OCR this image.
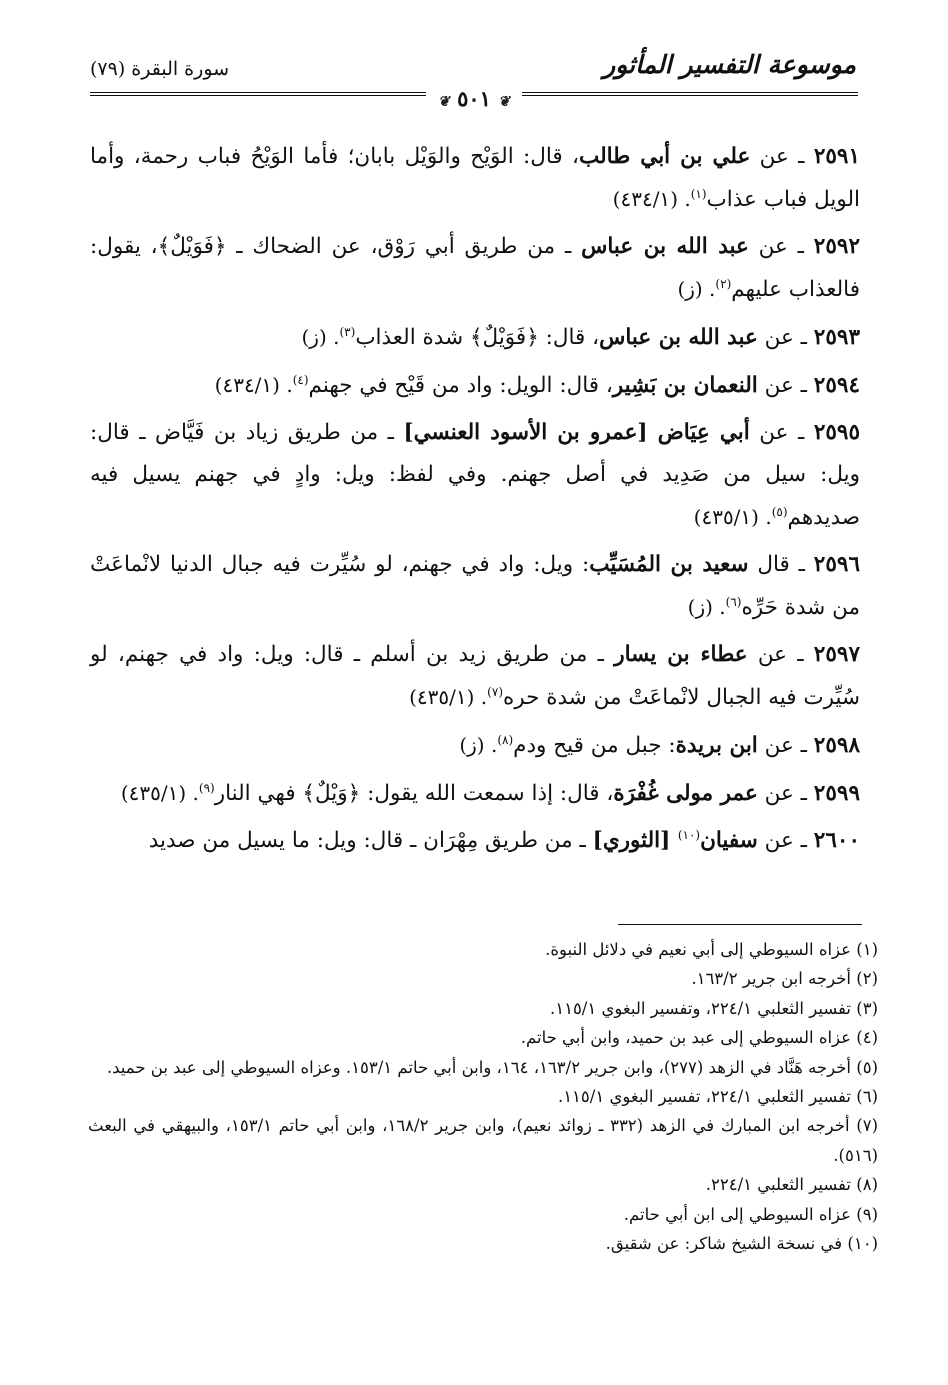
موسوعة التفسير المأثور
سورة البقرة (٧٩)
❦ ٥٠١ ❦

٢٥٩١ ـ عن علي بن أبي طالب، قال: الوَيْح والوَيْل بابان؛ فأما الوَيْحُ فباب رحمة، وأما الويل فباب عذاب$^{(١)}$. (٤٣٤/١)

٢٥٩٢ ـ عن عبد الله بن عباس ـ من طريق أبي رَوْق، عن الضحاك ـ ﴿فَوَيْلٌ﴾، يقول: فالعذاب عليهم$^{(٢)}$. (ز)

٢٥٩٣ ـ عن عبد الله بن عباس، قال: ﴿فَوَيْلٌ﴾ شدة العذاب$^{(٣)}$. (ز)

٢٥٩٤ ـ عن النعمان بن بَشِير، قال: الويل: واد من قَيْح في جهنم$^{(٤)}$. (٤٣٤/١)

٢٥٩٥ ـ عن أبي عِيَاض [عمرو بن الأسود العنسي] ـ من طريق زياد بن فَيَّاض ـ قال: ويل: سيل من صَدِيد في أصل جهنم. وفي لفظ: ويل: وادٍ في جهنم يسيل فيه صديدهم$^{(٥)}$. (٤٣٥/١)

٢٥٩٦ ـ قال سعيد بن المُسَيِّب: ويل: واد في جهنم، لو سُيِّرت فيه جبال الدنيا لانْماعَتْ من شدة حَرِّه$^{(٦)}$. (ز)

٢٥٩٧ ـ عن عطاء بن يسار ـ من طريق زيد بن أسلم ـ قال: ويل: واد في جهنم، لو سُيِّرت فيه الجبال لانْماعَتْ من شدة حره$^{(٧)}$. (٤٣٥/١)

٢٥٩٨ ـ عن ابن بريدة: جبل من قيح ودم$^{(٨)}$. (ز)

٢٥٩٩ ـ عن عمر مولى غُفْرَة، قال: إذا سمعت الله يقول: ﴿وَيْلٌ﴾ فهي النار$^{(٩)}$. (٤٣٥/١)

٢٦٠٠ ـ عن سفيان$^{(١٠)}$ [الثوري] ـ من طريق مِهْرَان ـ قال: ويل: ما يسيل من صديد

(١) عزاه السيوطي إلى أبي نعيم في دلائل النبوة.

(٢) أخرجه ابن جرير ١٦٣/٢.

(٣) تفسير الثعلبي ٢٢٤/١، وتفسير البغوي ١١٥/١.

(٤) عزاه السيوطي إلى عبد بن حميد، وابن أبي حاتم.

(٥) أخرجه هَنَّاد في الزهد (٢٧٧)، وابن جرير ١٦٣/٢، ١٦٤، وابن أبي حاتم ١٥٣/١. وعزاه السيوطي إلى عبد بن حميد.

(٦) تفسير الثعلبي ٢٢٤/١، تفسير البغوي ١١٥/١.

(٧) أخرجه ابن المبارك في الزهد (٣٣٢ ـ زوائد نعيم)، وابن جرير ١٦٨/٢، وابن أبي حاتم ١٥٣/١، والبيهقي في البعث (٥١٦).

(٨) تفسير الثعلبي ٢٢٤/١.

(٩) عزاه السيوطي إلى ابن أبي حاتم.

(١٠) في نسخة الشيخ شاكر: عن شقيق.
